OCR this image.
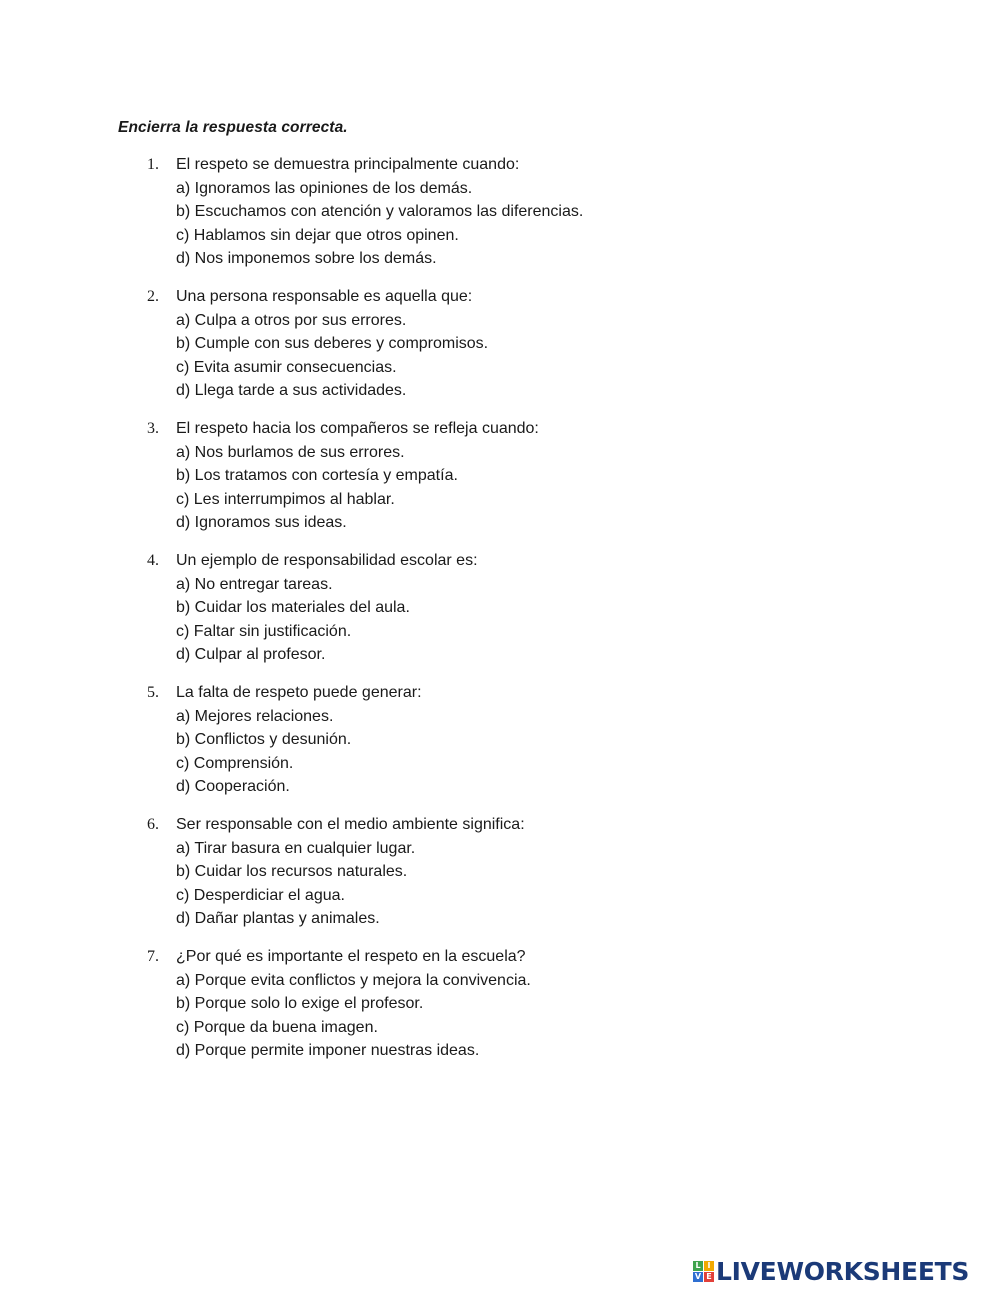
Encierra la respuesta correcta.
1. El respeto se demuestra principalmente cuando:
a) Ignoramos las opiniones de los demás.
b) Escuchamos con atención y valoramos las diferencias.
c) Hablamos sin dejar que otros opinen.
d) Nos imponemos sobre los demás.
2. Una persona responsable es aquella que:
a) Culpa a otros por sus errores.
b) Cumple con sus deberes y compromisos.
c) Evita asumir consecuencias.
d) Llega tarde a sus actividades.
3. El respeto hacia los compañeros se refleja cuando:
a) Nos burlamos de sus errores.
b) Los tratamos con cortesía y empatía.
c) Les interrumpimos al hablar.
d) Ignoramos sus ideas.
4. Un ejemplo de responsabilidad escolar es:
a) No entregar tareas.
b) Cuidar los materiales del aula.
c) Faltar sin justificación.
d) Culpar al profesor.
5. La falta de respeto puede generar:
a) Mejores relaciones.
b) Conflictos y desunión.
c) Comprensión.
d) Cooperación.
6. Ser responsable con el medio ambiente significa:
a) Tirar basura en cualquier lugar.
b) Cuidar los recursos naturales.
c) Desperdiciar el agua.
d) Dañar plantas y animales.
7. ¿Por qué es importante el respeto en la escuela?
a) Porque evita conflictos y mejora la convivencia.
b) Porque solo lo exige el profesor.
c) Porque da buena imagen.
d) Porque permite imponer nuestras ideas.
L I
V E LIVEWORKSHEETS
